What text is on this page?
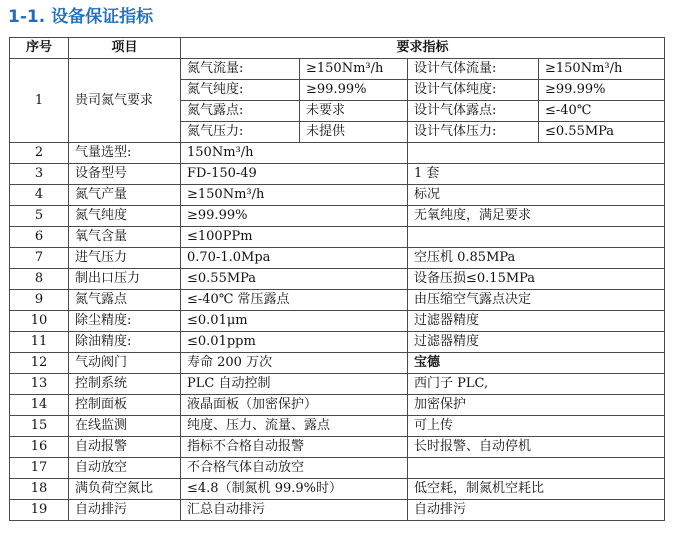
1-1. 设备保证指标
序号	项目	要求指标			
1	贵司氮气要求	氮气流量:	≥150Nm³/h	设计气体流量:	≥150Nm³/h
		氮气纯度:	≥99.99%	设计气体纯度:	≥99.99%
		氮气露点:	未要求	设计气体露点:	≤-40℃
		氮气压力:	未提供	设计气体压力:	≤0.55MPa
2	气量选型:	150Nm³/h			
3	设备型号	FD-150-49		1 套	
4	氮气产量	≥150Nm³/h		标况	
5	氮气纯度	≥99.99%		无氧纯度，满足要求	
6	氧气含量	≤100PPm			
7	进气压力	0.70-1.0Mpa		空压机 0.85MPa	
8	制出口压力	≤0.55MPa		设备压损≤0.15MPa	
9	氮气露点	≤-40℃ 常压露点		由压缩空气露点决定	
10	除尘精度:	≤0.01μm		过滤器精度	
11	除油精度:	≤0.01ppm		过滤器精度	
12	气动阀门	寿命 200 万次		宝德	
13	控制系统	PLC 自动控制		西门子 PLC,	
14	控制面板	液晶面板（加密保护）		加密保护	
15	在线监测	纯度、压力、流量、露点		可上传	
16	自动报警	指标不合格自动报警		长时报警、自动停机	
17	自动放空	不合格气体自动放空			
18	满负荷空氮比	≤4.8（制氮机 99.9%时）		低空耗，制氮机空耗比	
19	自动排污	汇总自动排污		自动排污	
